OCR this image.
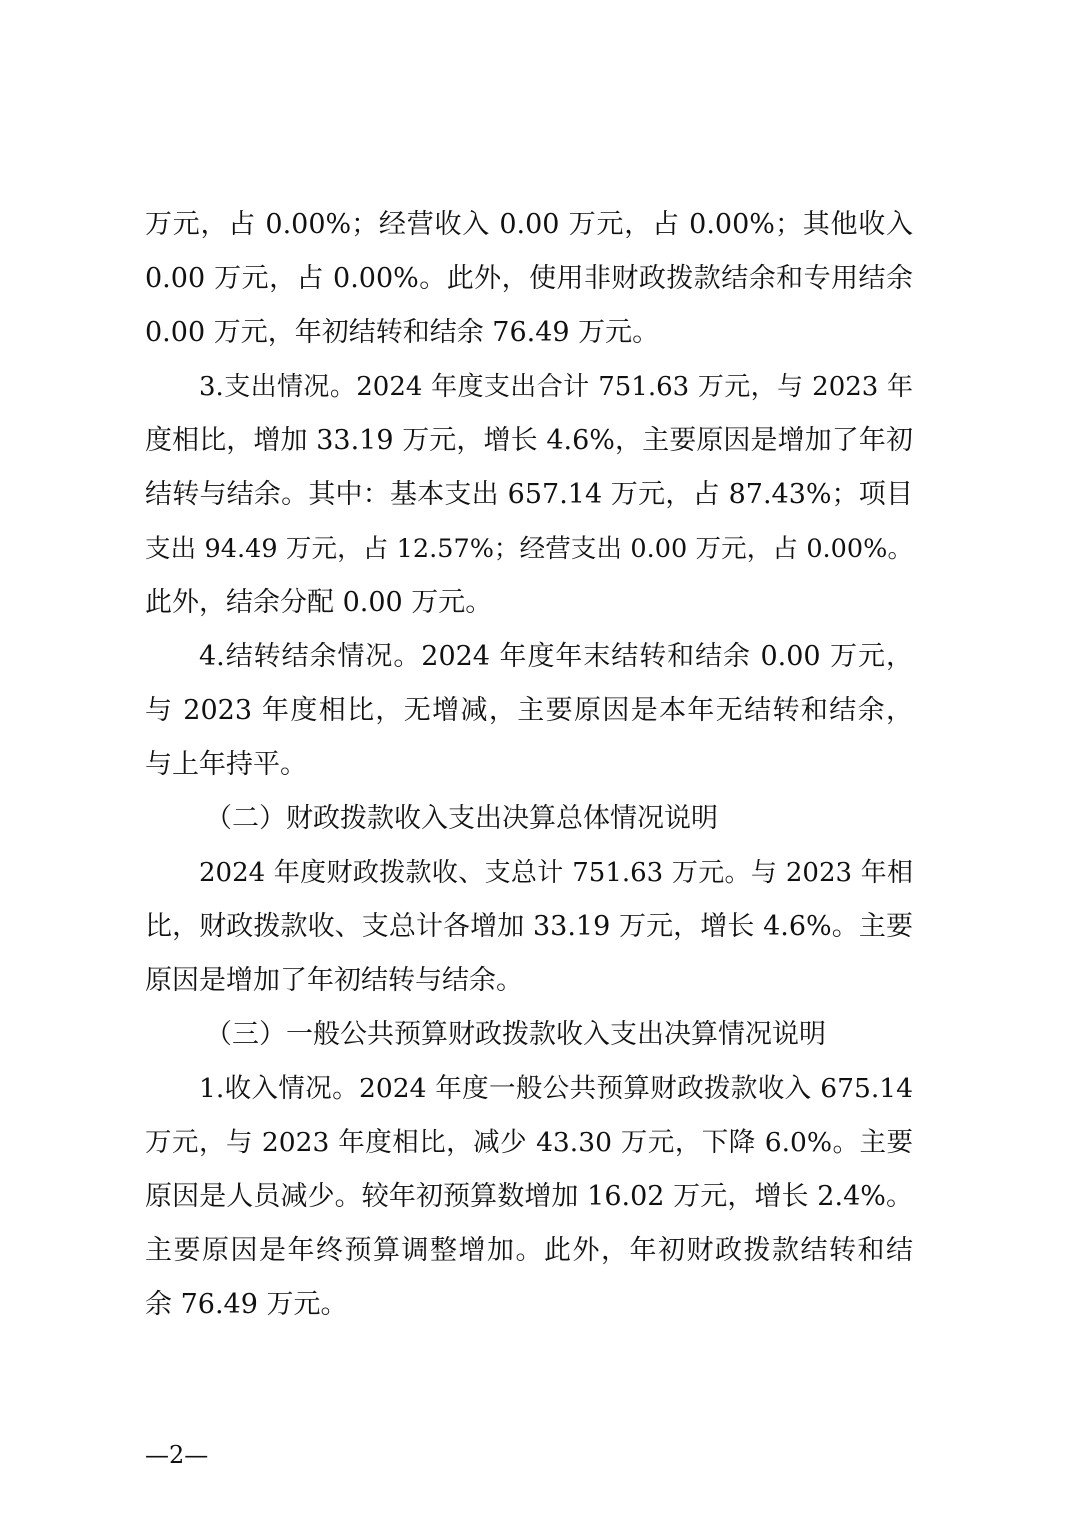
万元，占 0.00%；经营收入 0.00 万元，占 0.00%；其他收入
0.00 万元，占 0.00%。此外，使用非财政拨款结余和专用结余
0.00 万元，年初结转和结余 76.49 万元。
3.支出情况。2024 年度支出合计 751.63 万元，与 2023 年
度相比，增加 33.19 万元，增长 4.6%，主要原因是增加了年初
结转与结余。其中：基本支出 657.14 万元，占 87.43%；项目
支出 94.49 万元，占 12.57%；经营支出 0.00 万元，占 0.00%。
此外，结余分配 0.00 万元。
4.结转结余情况。2024 年度年末结转和结余 0.00 万元，
与 2023 年度相比，无增减，主要原因是本年无结转和结余，
与上年持平。
（二）财政拨款收入支出决算总体情况说明
2024 年度财政拨款收、支总计 751.63 万元。与 2023 年相
比，财政拨款收、支总计各增加 33.19 万元，增长 4.6%。主要
原因是增加了年初结转与结余。
（三）一般公共预算财政拨款收入支出决算情况说明
1.收入情况。2024 年度一般公共预算财政拨款收入 675.14
万元，与 2023 年度相比，减少 43.30 万元，下降 6.0%。主要
原因是人员减少。较年初预算数增加 16.02 万元，增长 2.4%。
主要原因是年终预算调整增加。此外，年初财政拨款结转和结
余 76.49 万元。
—2—
